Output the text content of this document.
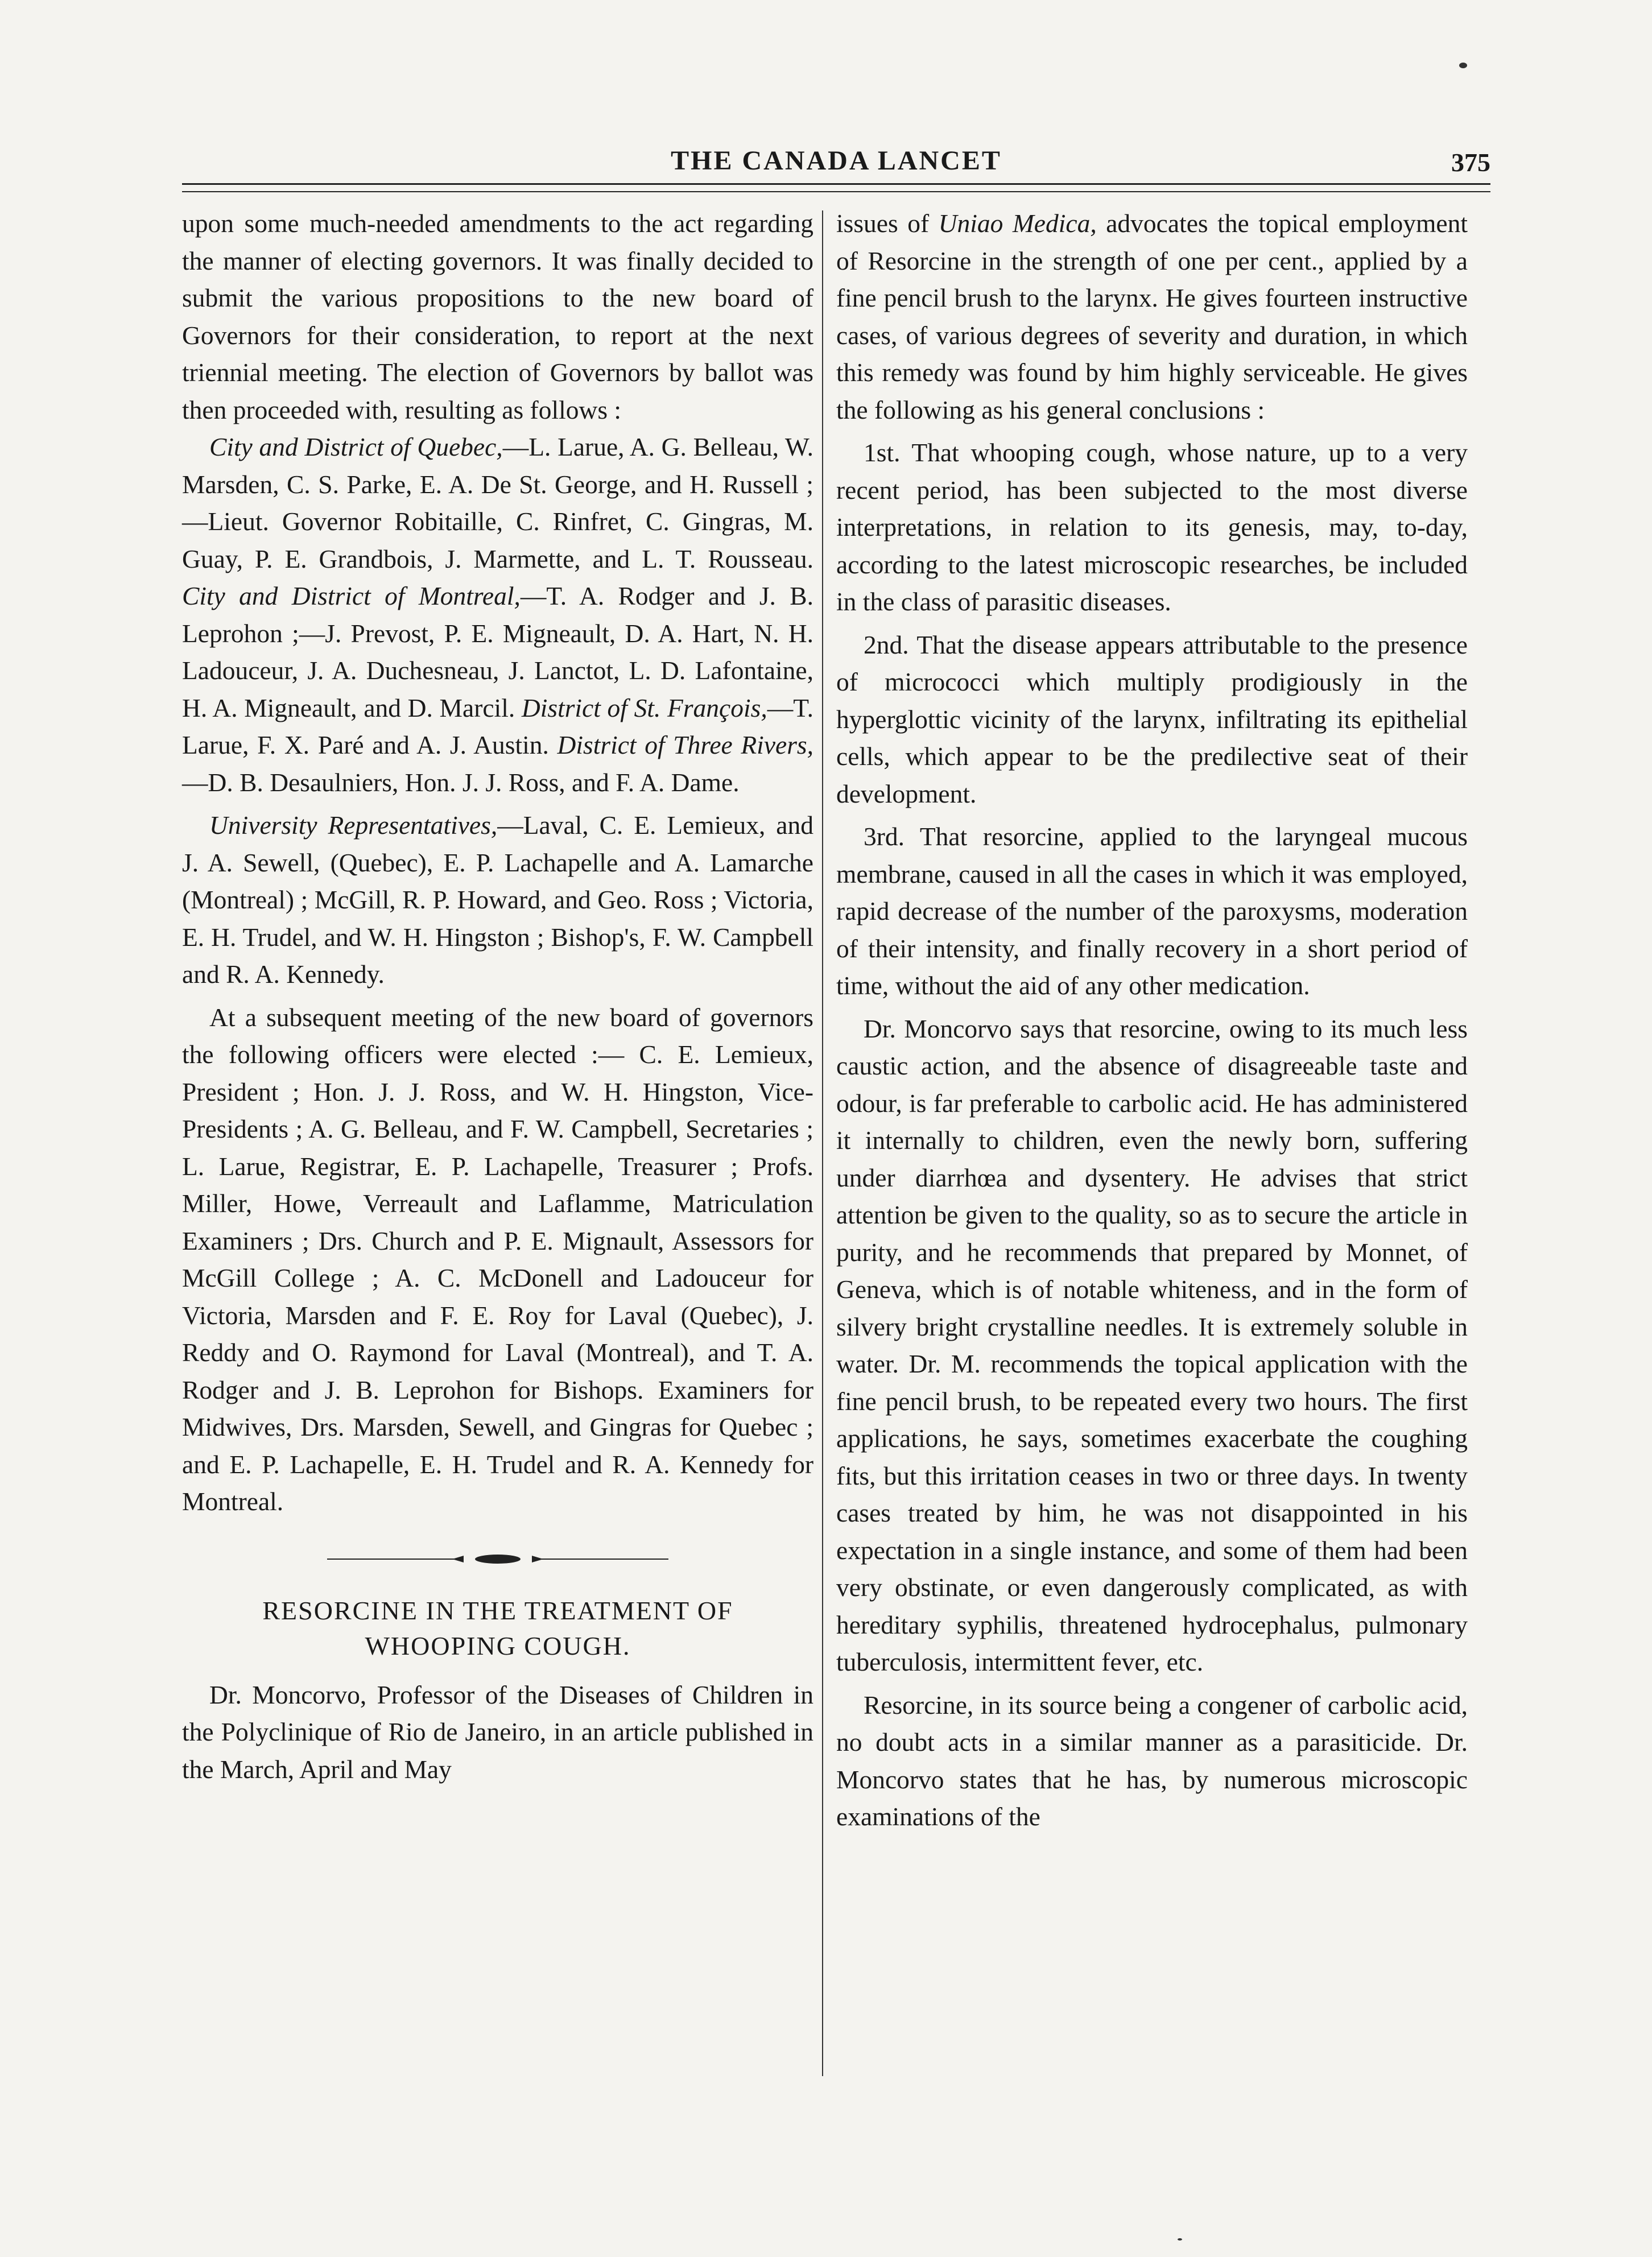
THE CANADA LANCET	375

upon some much-needed amendments to the act regarding the manner of electing governors. It was finally decided to submit the various propositions to the new board of Governors for their consideration, to report at the next triennial meeting. The election of Governors by ballot was then proceeded with, resulting as follows :

City and District of Quebec,—L. Larue, A. G. Belleau, W. Marsden, C. S. Parke, E. A. De St. George, and H. Russell ;—Lieut. Governor Robitaille, C. Rinfret, C. Gingras, M. Guay, P. E. Grandbois, J. Marmette, and L. T. Rousseau. City and District of Montreal,—T. A. Rodger and J. B. Leprohon ;—J. Prevost, P. E. Migneault, D. A. Hart, N. H. Ladouceur, J. A. Duchesneau, J. Lanctot, L. D. Lafontaine, H. A. Migneault, and D. Marcil. District of St. François,—T. Larue, F. X. Paré and A. J. Austin. District of Three Rivers,—D. B. Desaulniers, Hon. J. J. Ross, and F. A. Dame.

University Representatives,—Laval, C. E. Lemieux, and J. A. Sewell, (Quebec), E. P. Lachapelle and A. Lamarche (Montreal) ; McGill, R. P. Howard, and Geo. Ross ; Victoria, E. H. Trudel, and W. H. Hingston ; Bishop's, F. W. Campbell and R. A. Kennedy.

At a subsequent meeting of the new board of governors the following officers were elected :— C. E. Lemieux, President ; Hon. J. J. Ross, and W. H. Hingston, Vice-Presidents ; A. G. Belleau, and F. W. Campbell, Secretaries ; L. Larue, Registrar, E. P. Lachapelle, Treasurer ; Profs. Miller, Howe, Verreault and Laflamme, Matriculation Examiners ; Drs. Church and P. E. Mignault, Assessors for McGill College ; A. C. McDonell and Ladouceur for Victoria, Marsden and F. E. Roy for Laval (Quebec), J. Reddy and O. Raymond for Laval (Montreal), and T. A. Rodger and J. B. Leprohon for Bishops. Examiners for Midwives, Drs. Marsden, Sewell, and Gingras for Quebec ; and E. P. Lachapelle, E. H. Trudel and R. A. Kennedy for Montreal.

RESORCINE IN THE TREATMENT OF
WHOOPING COUGH.

Dr. Moncorvo, Professor of the Diseases of Children in the Polyclinique of Rio de Janeiro, in an article published in the March, April and May

issues of Uniao Medica, advocates the topical employment of Resorcine in the strength of one per cent., applied by a fine pencil brush to the larynx. He gives fourteen instructive cases, of various degrees of severity and duration, in which this remedy was found by him highly serviceable. He gives the following as his general conclusions :

1st. That whooping cough, whose nature, up to a very recent period, has been subjected to the most diverse interpretations, in relation to its genesis, may, to-day, according to the latest microscopic researches, be included in the class of parasitic diseases.

2nd. That the disease appears attributable to the presence of micrococci which multiply prodigiously in the hyperglottic vicinity of the larynx, infiltrating its epithelial cells, which appear to be the predilective seat of their development.

3rd. That resorcine, applied to the laryngeal mucous membrane, caused in all the cases in which it was employed, rapid decrease of the number of the paroxysms, moderation of their intensity, and finally recovery in a short period of time, without the aid of any other medication.

Dr. Moncorvo says that resorcine, owing to its much less caustic action, and the absence of disagreeable taste and odour, is far preferable to carbolic acid. He has administered it internally to children, even the newly born, suffering under diarrhœa and dysentery. He advises that strict attention be given to the quality, so as to secure the article in purity, and he recommends that prepared by Monnet, of Geneva, which is of notable whiteness, and in the form of silvery bright crystalline needles. It is extremely soluble in water. Dr. M. recommends the topical application with the fine pencil brush, to be repeated every two hours. The first applications, he says, sometimes exacerbate the coughing fits, but this irritation ceases in two or three days. In twenty cases treated by him, he was not disappointed in his expectation in a single instance, and some of them had been very obstinate, or even dangerously complicated, as with hereditary syphilis, threatened hydrocephalus, pulmonary tuberculosis, intermittent fever, etc.

Resorcine, in its source being a congener of carbolic acid, no doubt acts in a similar manner as a parasiticide. Dr. Moncorvo states that he has, by numerous microscopic examinations of the
